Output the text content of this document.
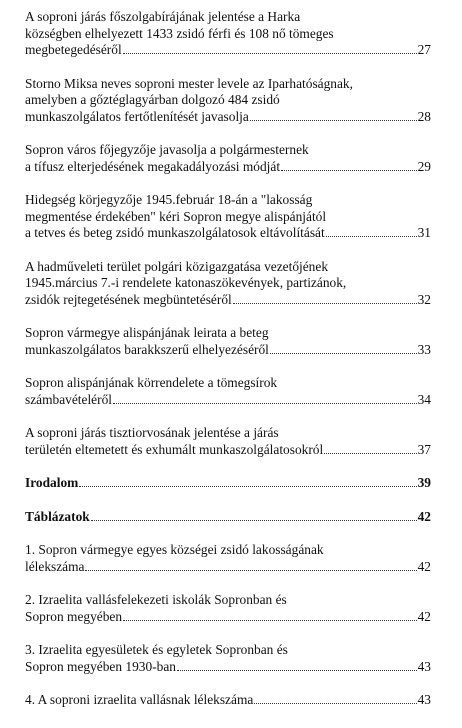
A soproni járás főszolgabírájának jelentése a Harka
községben elhelyezett 1433 zsidó férfi és 108 nő tömeges
megbetegedéséről	27
Storno Miksa neves soproni mester levele az Iparhatóságnak,
amelyben a gőztéglagyárban dolgozó 484 zsidó
munkaszolgálatos fertőtlenítését javasolja	28
Sopron város főjegyzője javasolja a polgármesternek
a tífusz elterjedésének megakadályozási módját	29
Hidegség körjegyzője 1945.február 18-án a "lakosság
megmentése érdekében" kéri Sopron megye alispánjától
a tetves és beteg zsidó munkaszolgálatosok eltávolítását	31
A hadműveleti terület polgári közigazgatása vezetőjének
1945.március 7.-i rendelete katonaszökevények, partizánok,
zsidók rejtegetésének megbüntetéséről	32
Sopron vármegye alispánjának leirata a beteg
munkaszolgálatos barakkszerű elhelyezéséről	33
Sopron alispánjának körrendelete a tömegsírok
számbavételéről	34
A soproni járás tisztiorvosának jelentése a járás
területén eltemetett és exhumált munkaszolgálatosokról	37
Irodalom	39
Táblázatok	42
1. Sopron vármegye egyes községei zsidó lakosságának
lélekszáma	42
2. Izraelita vallásfelekezeti iskolák Sopronban és
Sopron megyében	42
3. Izraelita egyesületek és egyletek Sopronban és
Sopron megyében 1930-ban	43
4. A soproni izraelita vallásnak lélekszáma	43
